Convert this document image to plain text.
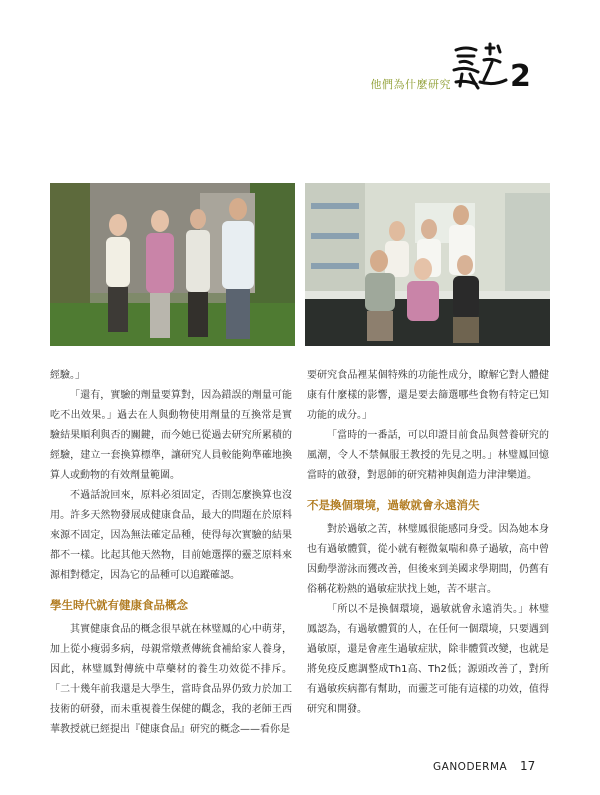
他們為什麼研究 2

經驗。」

「還有，實驗的劑量要算對，因為錯誤的劑量可能吃不出效果。」過去在人與動物使用劑量的互換常是實驗結果順利與否的關鍵，而今她已從過去研究所累積的經驗，建立一套換算標準，讓研究人員較能夠準確地換算人或動物的有效劑量範圍。

不過話說回來，原料必須固定，否則怎麼換算也沒用。許多天然物發展成健康食品，最大的問題在於原料來源不固定，因為無法確定品種，使得每次實驗的結果都不一樣。比起其他天然物，目前她選擇的靈芝原料來源相對穩定，因為它的品種可以追蹤確認。

學生時代就有健康食品概念

其實健康食品的概念很早就在林璧鳳的心中萌芽，加上從小瘦弱多病，母親常燉煮傳統食補給家人養身，因此，林璧鳳對傳統中草藥材的養生功效從不排斥。「二十幾年前我還是大學生，當時食品界仍致力於加工技術的研發，而未重視養生保健的觀念，我的老師王西華教授就已經提出『健康食品』研究的概念——看你是

要研究食品裡某個特殊的功能性成分，瞭解它對人體健康有什麼樣的影響，還是要去篩選哪些食物有特定已知功能的成分。」

「當時的一番話，可以印證目前食品與營養研究的風潮，令人不禁佩服王教授的先見之明。」林璧鳳回憶當時的啟發，對恩師的研究精神與創造力津津樂道。

不是換個環境，過敏就會永遠消失

對於過敏之苦，林璧鳳很能感同身受。因為她本身也有過敏體質，從小就有輕微氣喘和鼻子過敏，高中曾因動學游泳而獲改善，但後來到美國求學期間，仍舊有俗稱花粉熱的過敏症狀找上她，苦不堪言。

「所以不是換個環境，過敏就會永遠消失。」林璧鳳認為，有過敏體質的人，在任何一個環境，只要遇到過敏原，還是會產生過敏症狀，除非體質改變，也就是將免疫反應調整成Th1高、Th2低；源頭改善了，對所有過敏疾病都有幫助，而靈芝可能有這樣的功效，值得研究和開發。

GANODERMA 17
